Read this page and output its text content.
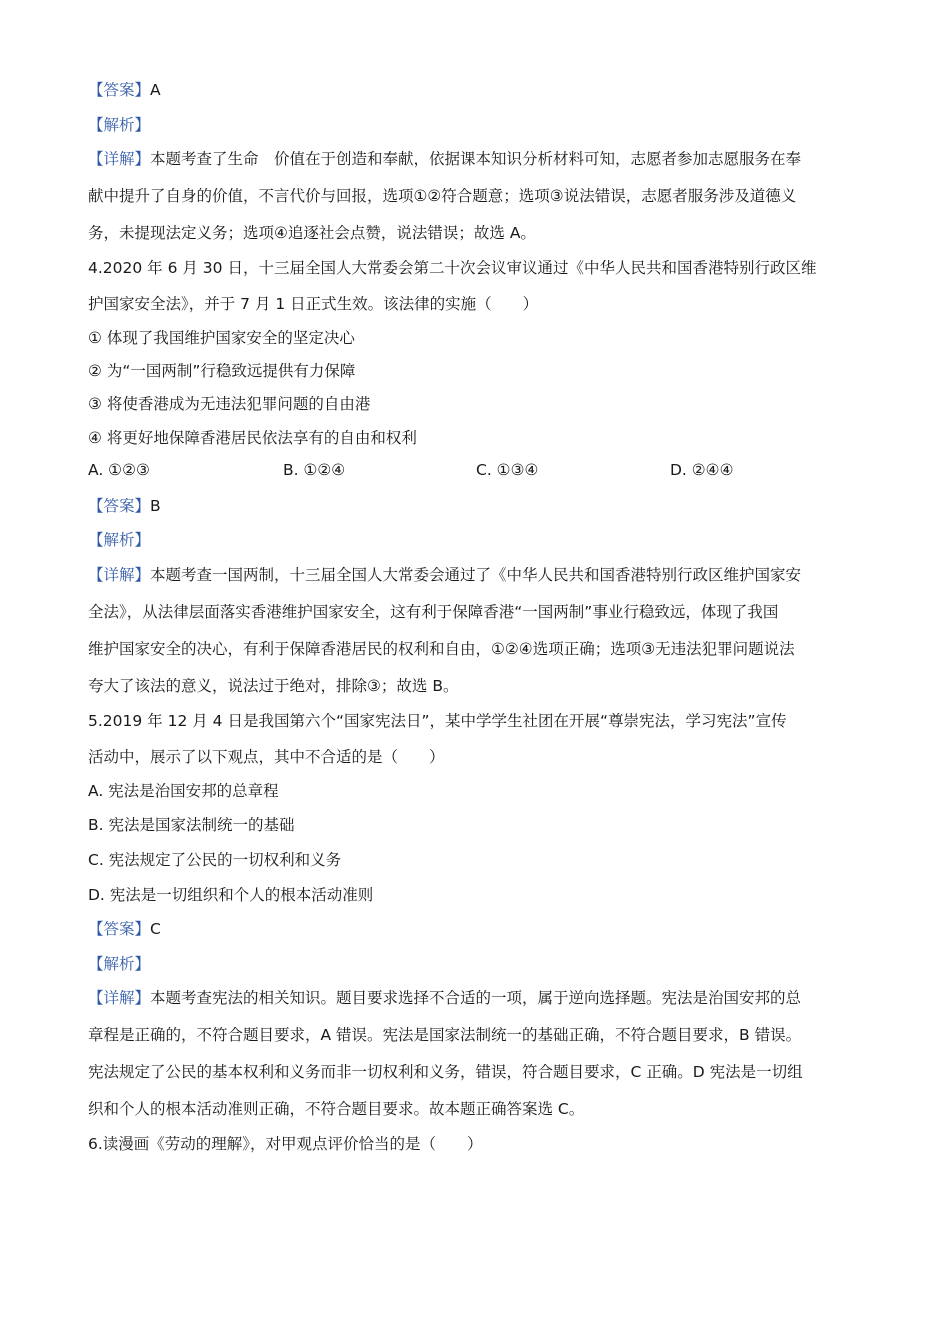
【答案】A
【解析】
【详解】本题考查了生命　价值在于创造和奉献，依据课本知识分析材料可知，志愿者参加志愿服务在奉
献中提升了自身的价值，不言代价与回报，选项①②符合题意；选项③说法错误，志愿者服务涉及道德义
务，未提现法定义务；选项④追逐社会点赞，说法错误；故选 A。
4.2020 年 6 月 30 日，十三届全国人大常委会第二十次会议审议通过《中华人民共和国香港特别行政区维
护国家安全法》，并于 7 月 1 日正式生效。该法律的实施（　　）
① 体现了我国维护国家安全的坚定决心
② 为“一国两制”行稳致远提供有力保障
③ 将使香港成为无违法犯罪问题的自由港
④ 将更好地保障香港居民依法享有的自由和权利
A. ①②③	B. ①②④	C. ①③④	D. ②④④
【答案】B
【解析】
【详解】本题考查一国两制，十三届全国人大常委会通过了《中华人民共和国香港特别行政区维护国家安
全法》，从法律层面落实香港维护国家安全，这有利于保障香港“一国两制”事业行稳致远，体现了我国
维护国家安全的决心，有利于保障香港居民的权利和自由，①②④选项正确；选项③无违法犯罪问题说法
夸大了该法的意义，说法过于绝对，排除③；故选 B。
5.2019 年 12 月 4 日是我国第六个“国家宪法日”，某中学学生社团在开展“尊崇宪法，学习宪法”宣传
活动中，展示了以下观点，其中不合适的是（　　）
A. 宪法是治国安邦的总章程
B. 宪法是国家法制统一的基础
C. 宪法规定了公民的一切权利和义务
D. 宪法是一切组织和个人的根本活动准则
【答案】C
【解析】
【详解】本题考查宪法的相关知识。题目要求选择不合适的一项，属于逆向选择题。宪法是治国安邦的总
章程是正确的，不符合题目要求，A 错误。宪法是国家法制统一的基础正确，不符合题目要求，B 错误。
宪法规定了公民的基本权利和义务而非一切权利和义务，错误，符合题目要求，C 正确。D 宪法是一切组
织和个人的根本活动准则正确，不符合题目要求。故本题正确答案选 C。
6.读漫画《劳动的理解》，对甲观点评价恰当的是（　　）
